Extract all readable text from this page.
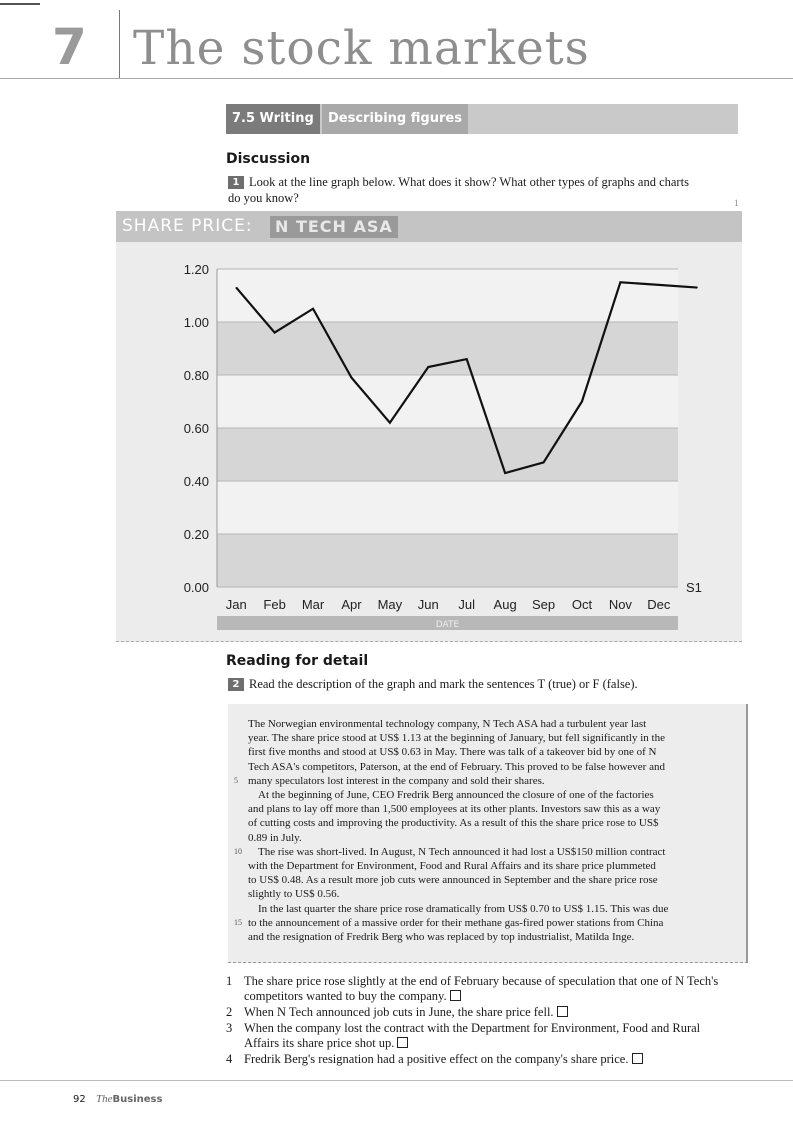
7 The stock markets
7.5 Writing	Describing figures
Discussion
1 Look at the line graph below. What does it show? What other types of graphs and charts
do you know?	1
SHARE PRICE:	N TECH ASA
0.00
0.20
0.40
0.60
0.80
1.00
1.20
Jan Feb Mar Apr May Jun Jul Aug Sep Oct Nov Dec
DATE
S1
Reading for detail
2 Read the description of the graph and mark the sentences T (true) or F (false).
The Norwegian environmental technology company, N Tech ASA had a turbulent year last
year. The share price stood at US$ 1.13 at the beginning of January, but fell significantly in the
first five months and stood at US$ 0.63 in May. There was talk of a takeover bid by one of N
Tech ASA's competitors, Paterson, at the end of February. This proved to be false however and
5 many speculators lost interest in the company and sold their shares.
At the beginning of June, CEO Fredrik Berg announced the closure of one of the factories
and plans to lay off more than 1,500 employees at its other plants. Investors saw this as a way
of cutting costs and improving the productivity. As a result of this the share price rose to US$
0.89 in July.
10 The rise was short-lived. In August, N Tech announced it had lost a US$150 million contract
with the Department for Environment, Food and Rural Affairs and its share price plummeted
to US$ 0.48. As a result more job cuts were announced in September and the share price rose
slightly to US$ 0.56.
In the last quarter the share price rose dramatically from US$ 0.70 to US$ 1.15. This was due
15 to the announcement of a massive order for their methane gas-fired power stations from China
and the resignation of Fredrik Berg who was replaced by top industrialist, Matilda Inge.
1 The share price rose slightly at the end of February because of speculation that one of N Tech's competitors wanted to buy the company.
2 When N Tech announced job cuts in June, the share price fell.
3 When the company lost the contract with the Department for Environment, Food and Rural Affairs its share price shot up.
4 Fredrik Berg's resignation had a positive effect on the company's share price.
92 TheBusiness
